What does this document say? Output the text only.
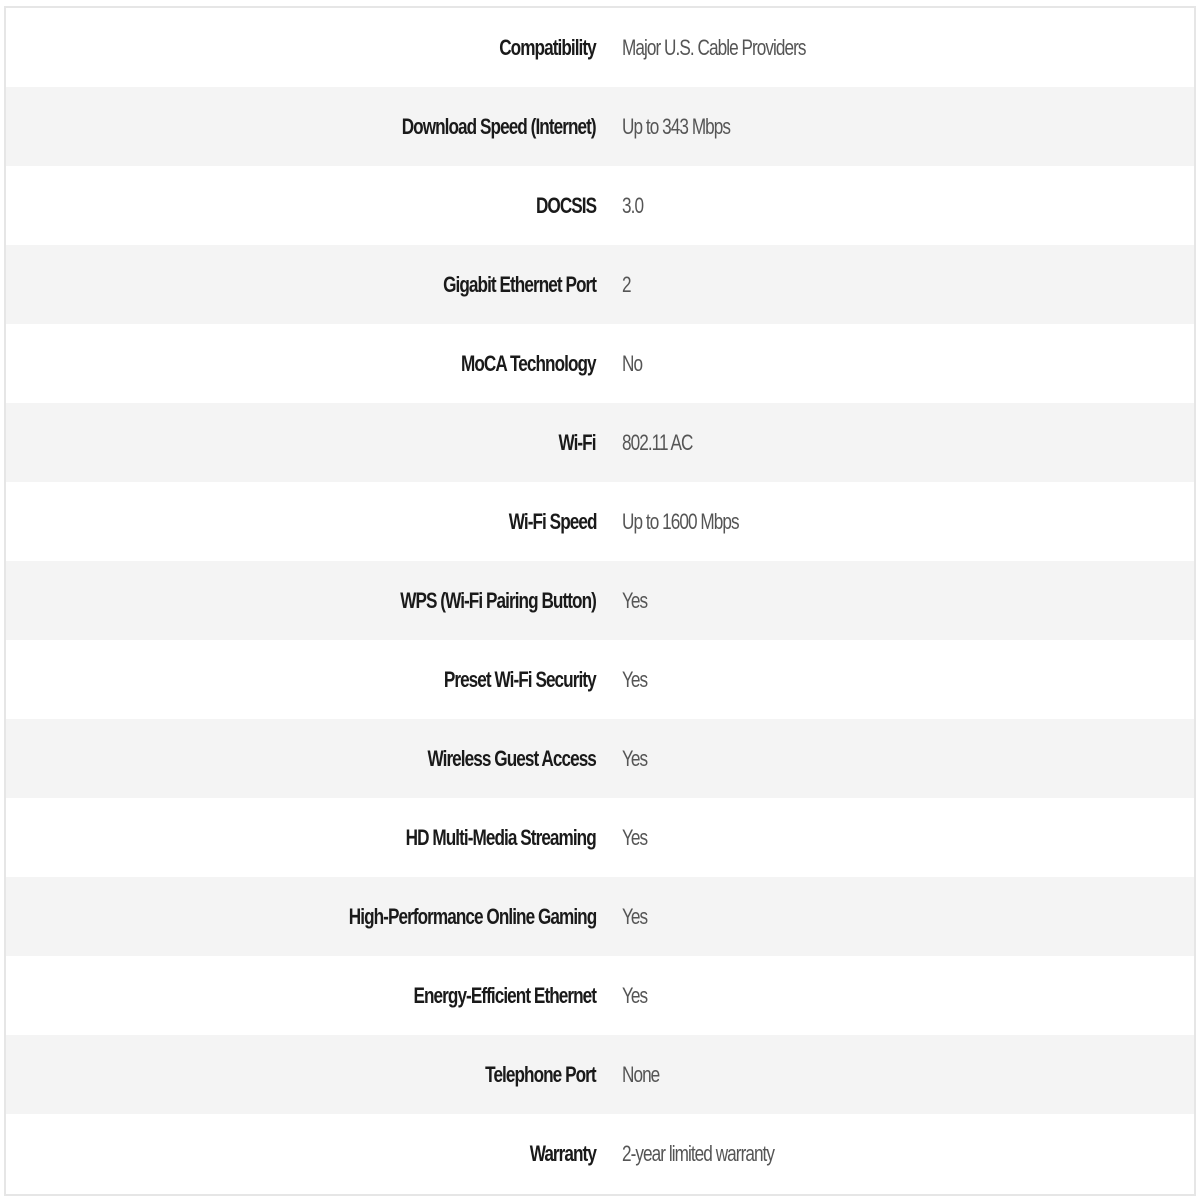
Compatibility	Major U.S. Cable Providers
Download Speed (Internet)	Up to 343 Mbps
DOCSIS	3.0
Gigabit Ethernet Port	2
MoCA Technology	No
Wi-Fi	802.11 AC
Wi-Fi Speed	Up to 1600 Mbps
WPS (Wi-Fi Pairing Button)	Yes
Preset Wi-Fi Security	Yes
Wireless Guest Access	Yes
HD Multi-Media Streaming	Yes
High-Performance Online Gaming	Yes
Energy-Efficient Ethernet	Yes
Telephone Port	None
Warranty	2-year limited warranty
